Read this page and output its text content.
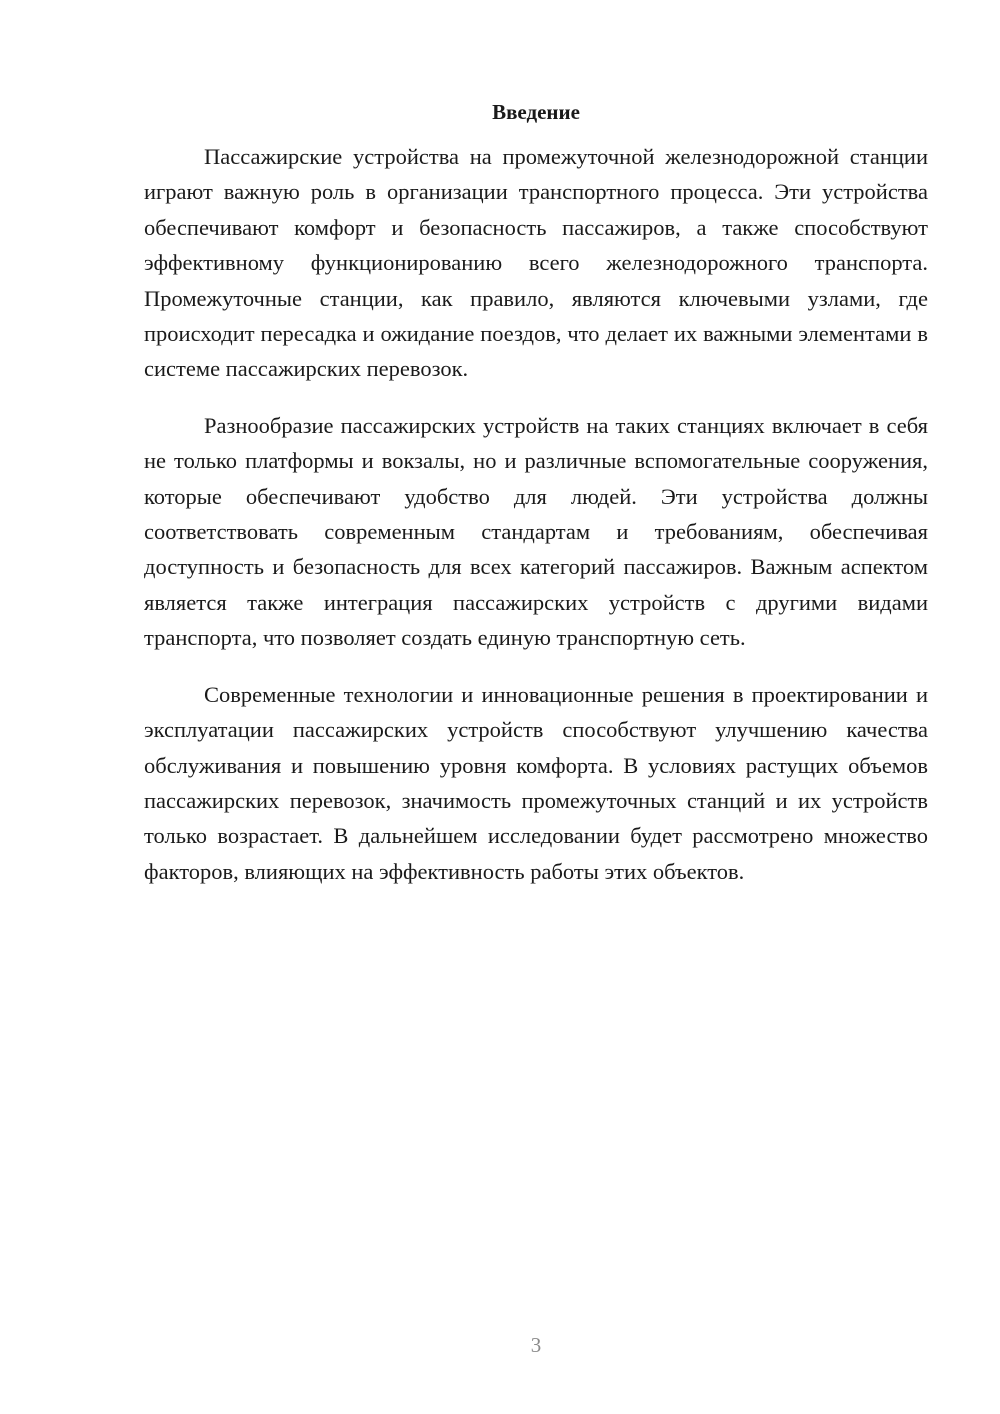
Введение

Пассажирские устройства на промежуточной железнодорожной станции играют важную роль в организации транспортного процесса. Эти устройства обеспечивают комфорт и безопасность пассажиров, а также способствуют эффективному функционированию всего железнодорожного транспорта. Промежуточные станции, как правило, являются ключевыми узлами, где происходит пересадка и ожидание поездов, что делает их важными элементами в системе пассажирских перевозок.

Разнообразие пассажирских устройств на таких станциях включает в себя не только платформы и вокзалы, но и различные вспомогательные сооружения, которые обеспечивают удобство для людей. Эти устройства должны соответствовать современным стандартам и требованиям, обеспечивая доступность и безопасность для всех категорий пассажиров. Важным аспектом является также интеграция пассажирских устройств с другими видами транспорта, что позволяет создать единую транспортную сеть.

Современные технологии и инновационные решения в проектировании и эксплуатации пассажирских устройств способствуют улучшению качества обслуживания и повышению уровня комфорта. В условиях растущих объемов пассажирских перевозок, значимость промежуточных станций и их устройств только возрастает. В дальнейшем исследовании будет рассмотрено множество факторов, влияющих на эффективность работы этих объектов.

3
